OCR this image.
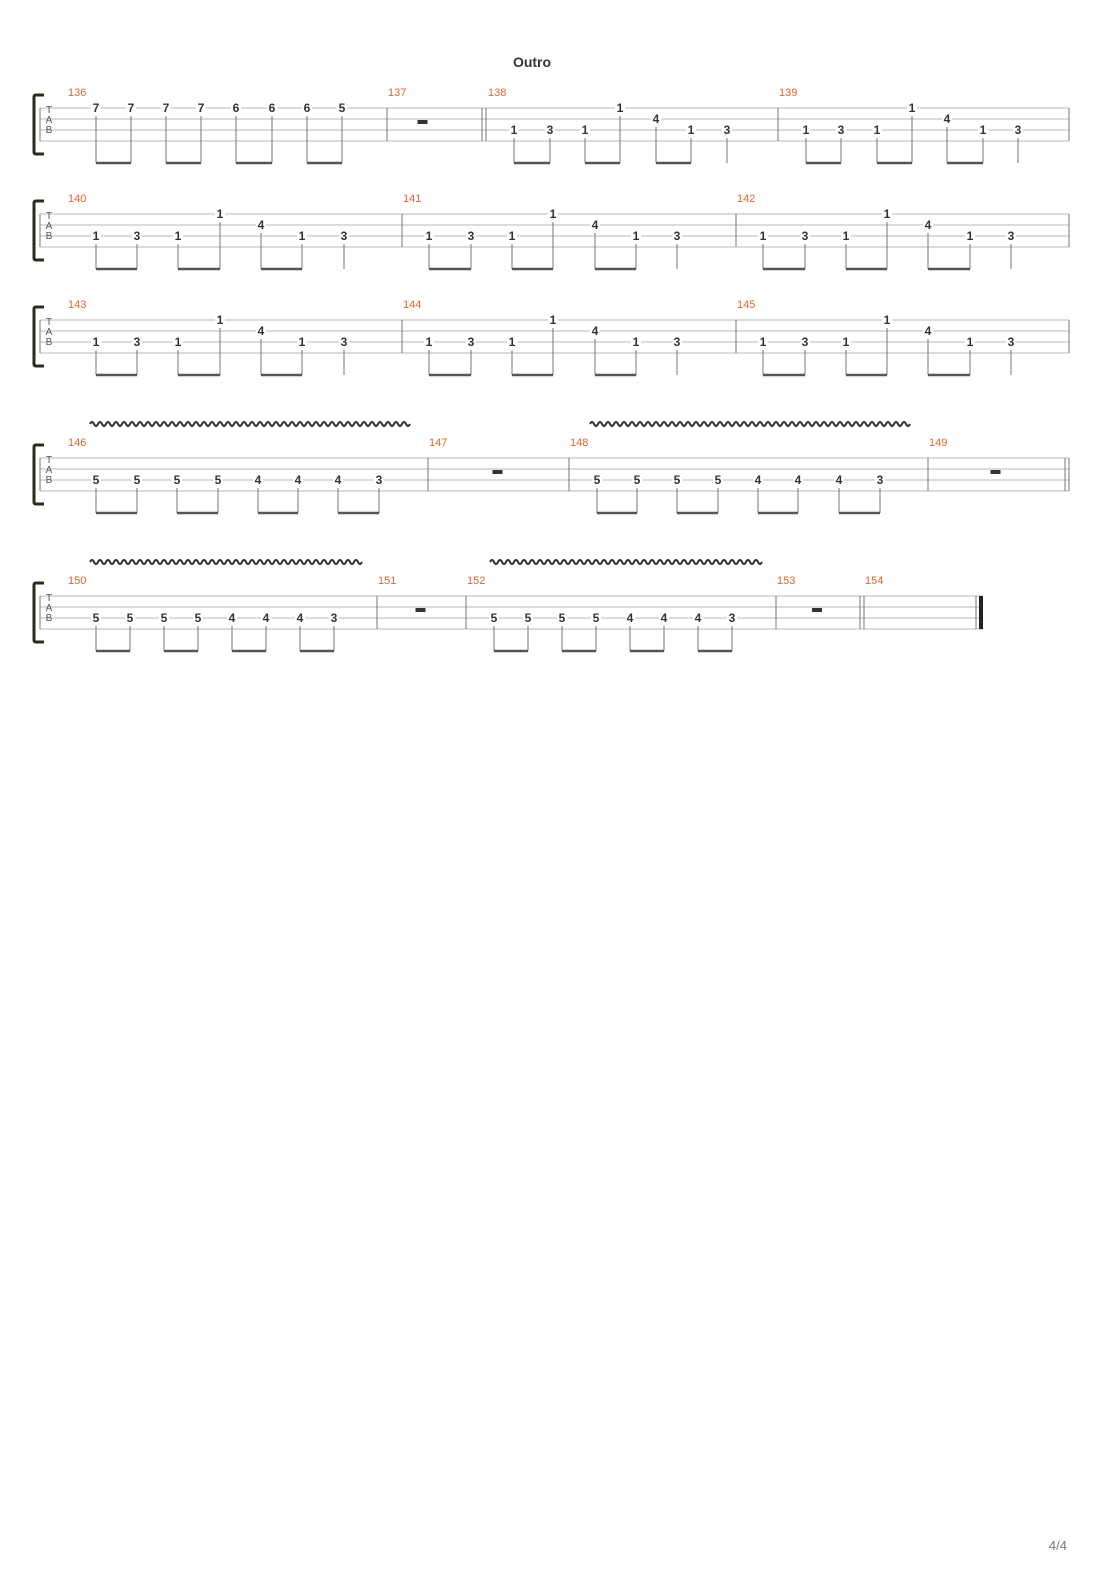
Outro
T
A
B
136
7 7 7 7 6 6 6 5
137	138
1 3 1
1
4
1 3
139
1 3 1
1
4
1 3
T
A
B
140
1	3	1
1
4
1	3
141
1	3	1
1
4
1	3
142
1	3	1
1
4
1	3
T
A
B
143
1	3	1
1
4
1	3
144
1	3	1
1
4
1	3
145
1	3	1
1
4
1	3
T
A
B
146
5	5	5	5	4	4	4	3
147	148
5	5	5	5	4	4	4	3
149
T
A
B
150
5 5 5 5 4 4 4 3
151	152
5 5 5 5 4 4 4 3
153	154
4/4
